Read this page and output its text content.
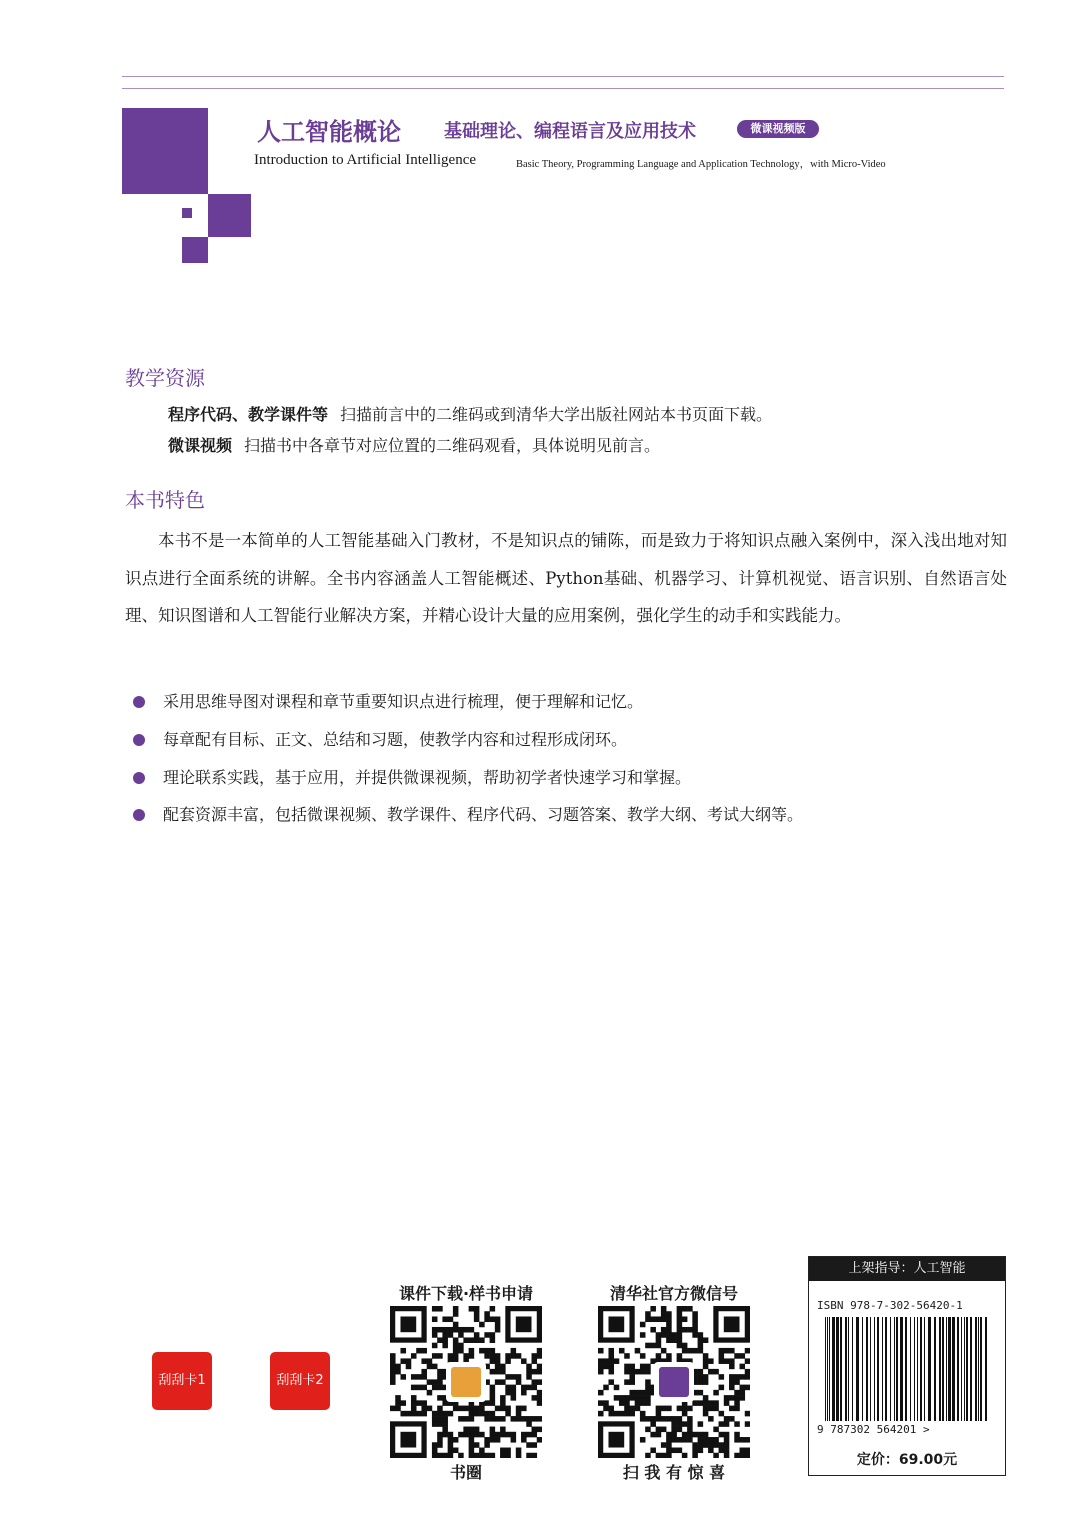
人工智能概论 基础理论、编程语言及应用技术	微课视频版
Introduction to Artificial Intelligence	Basic Theory, Programming Language and Application Technology，with Micro-Video
教学资源
程序代码、教学课件等 扫描前言中的二维码或到清华大学出版社网站本书页面下载。
微课视频 扫描书中各章节对应位置的二维码观看，具体说明见前言。
本书特色
本书不是一本简单的人工智能基础入门教材，不是知识点的铺陈，而是致力于将知识点融入案例中，深入浅出地对知识点进行全面系统的讲解。全书内容涵盖人工智能概述、Python基础、机器学习、计算机视觉、语言识别、自然语言处理、知识图谱和人工智能行业解决方案，并精心设计大量的应用案例，强化学生的动手和实践能力。
采用思维导图对课程和章节重要知识点进行梳理，便于理解和记忆。
每章配有目标、正文、总结和习题，使教学内容和过程形成闭环。
理论联系实践，基于应用，并提供微课视频，帮助初学者快速学习和掌握。
配套资源丰富，包括微课视频、教学课件、程序代码、习题答案、教学大纲、考试大纲等。
刮刮卡1	刮刮卡2
课件下载·样书申请
书圈
清华社官方微信号
扫 我 有 惊 喜
上架指导：人工智能
ISBN 978-7-302-56420-1
9 787302 564201 >
定价：69.00元
